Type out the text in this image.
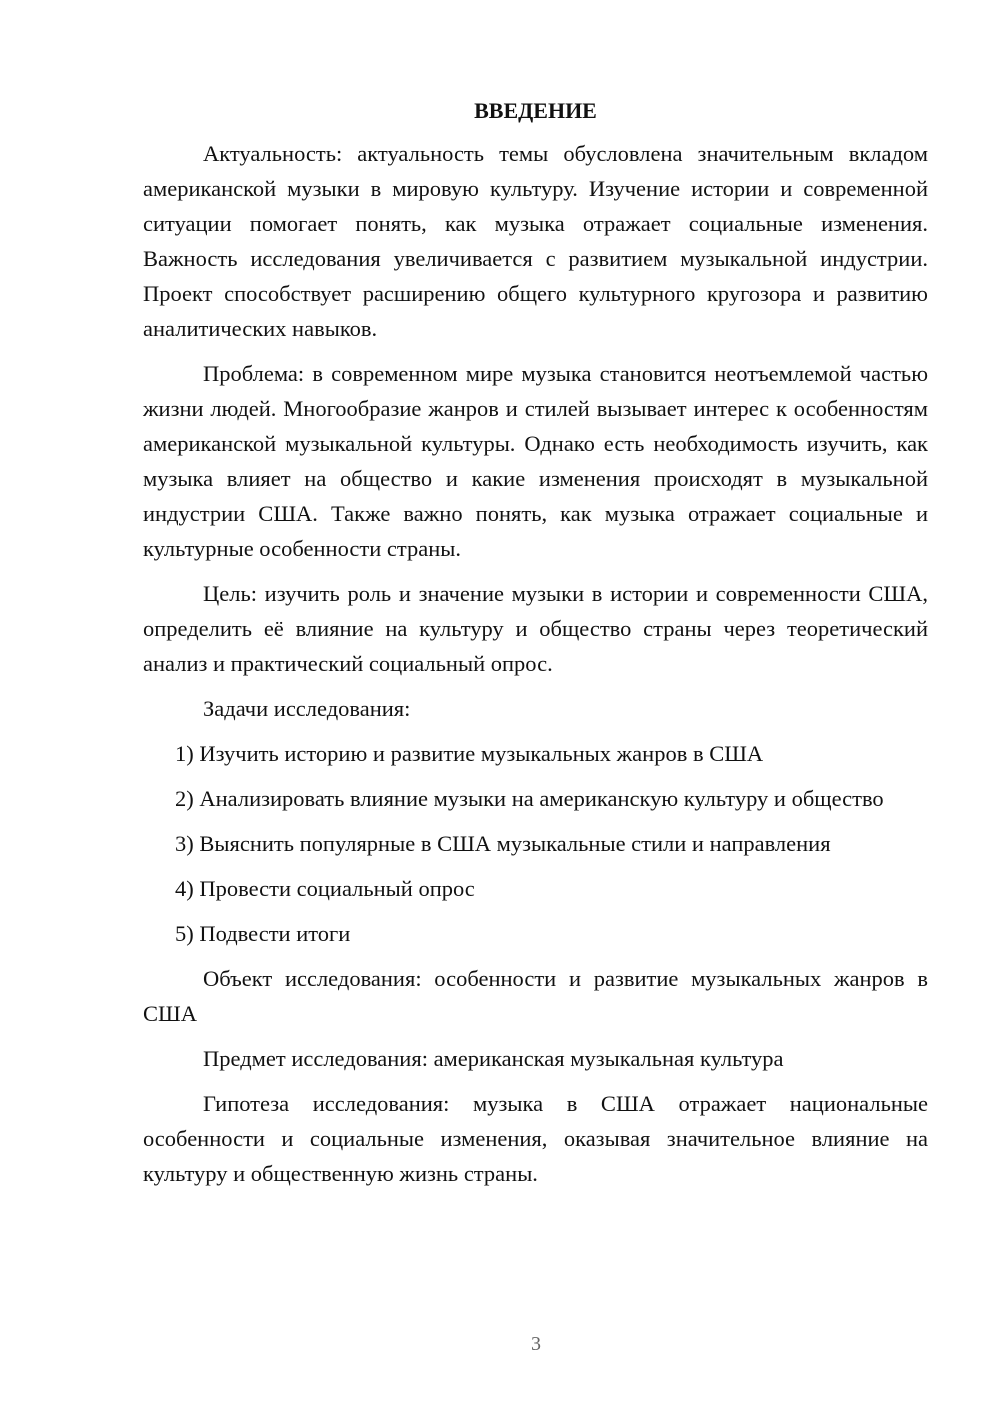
ВВЕДЕНИЕ

Актуальность: актуальность темы обусловлена значительным вкладом американской музыки в мировую культуру. Изучение истории и современной ситуации помогает понять, как музыка отражает социальные изменения. Важность исследования увеличивается с развитием музыкальной индустрии. Проект способствует расширению общего культурного кругозора и развитию аналитических навыков.

Проблема: в современном мире музыка становится неотъемлемой частью жизни людей. Многообразие жанров и стилей вызывает интерес к особенностям американской музыкальной культуры. Однако есть необходимость изучить, как музыка влияет на общество и какие изменения происходят в музыкальной индустрии США. Также важно понять, как музыка отражает социальные и культурные особенности страны.

Цель: изучить роль и значение музыки в истории и современности США, определить её влияние на культуру и общество страны через теоретический анализ и практический социальный опрос.

Задачи исследования:

1) Изучить историю и развитие музыкальных жанров в США

2) Анализировать влияние музыки на американскую культуру и общество

3) Выяснить популярные в США музыкальные стили и направления

4) Провести социальный опрос

5) Подвести итоги

Объект исследования: особенности и развитие музыкальных жанров в США

Предмет исследования: американская музыкальная культура

Гипотеза исследования: музыка в США отражает национальные особенности и социальные изменения, оказывая значительное влияние на культуру и общественную жизнь страны.

3
